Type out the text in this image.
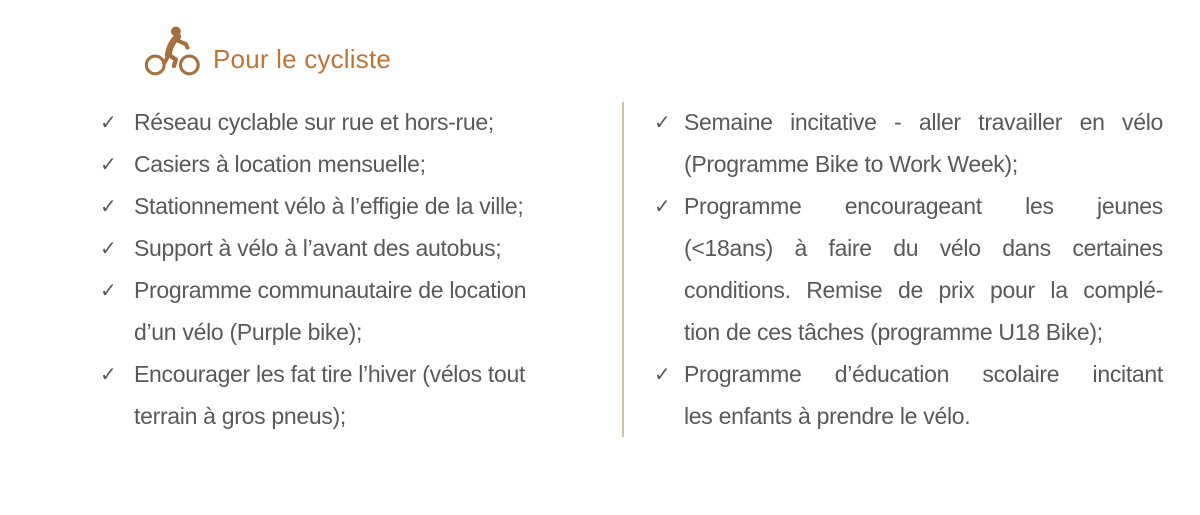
Pour le cycliste
✓ Réseau cyclable sur rue et hors-rue;
✓ Casiers à location mensuelle;
✓ Stationnement vélo à l’effigie de la ville;
✓ Support à vélo à l’avant des autobus;
✓ Programme communautaire de location
d’un vélo (Purple bike);
✓ Encourager les fat tire l’hiver (vélos tout
terrain à gros pneus);
✓ Semaine incitative - aller travailler en vélo
(Programme Bike to Work Week);
✓ Programme encourageant les jeunes
(<18ans) à faire du vélo dans certaines
conditions. Remise de prix pour la complé-
tion de ces tâches (programme U18 Bike);
✓ Programme d’éducation scolaire incitant
les enfants à prendre le vélo.
